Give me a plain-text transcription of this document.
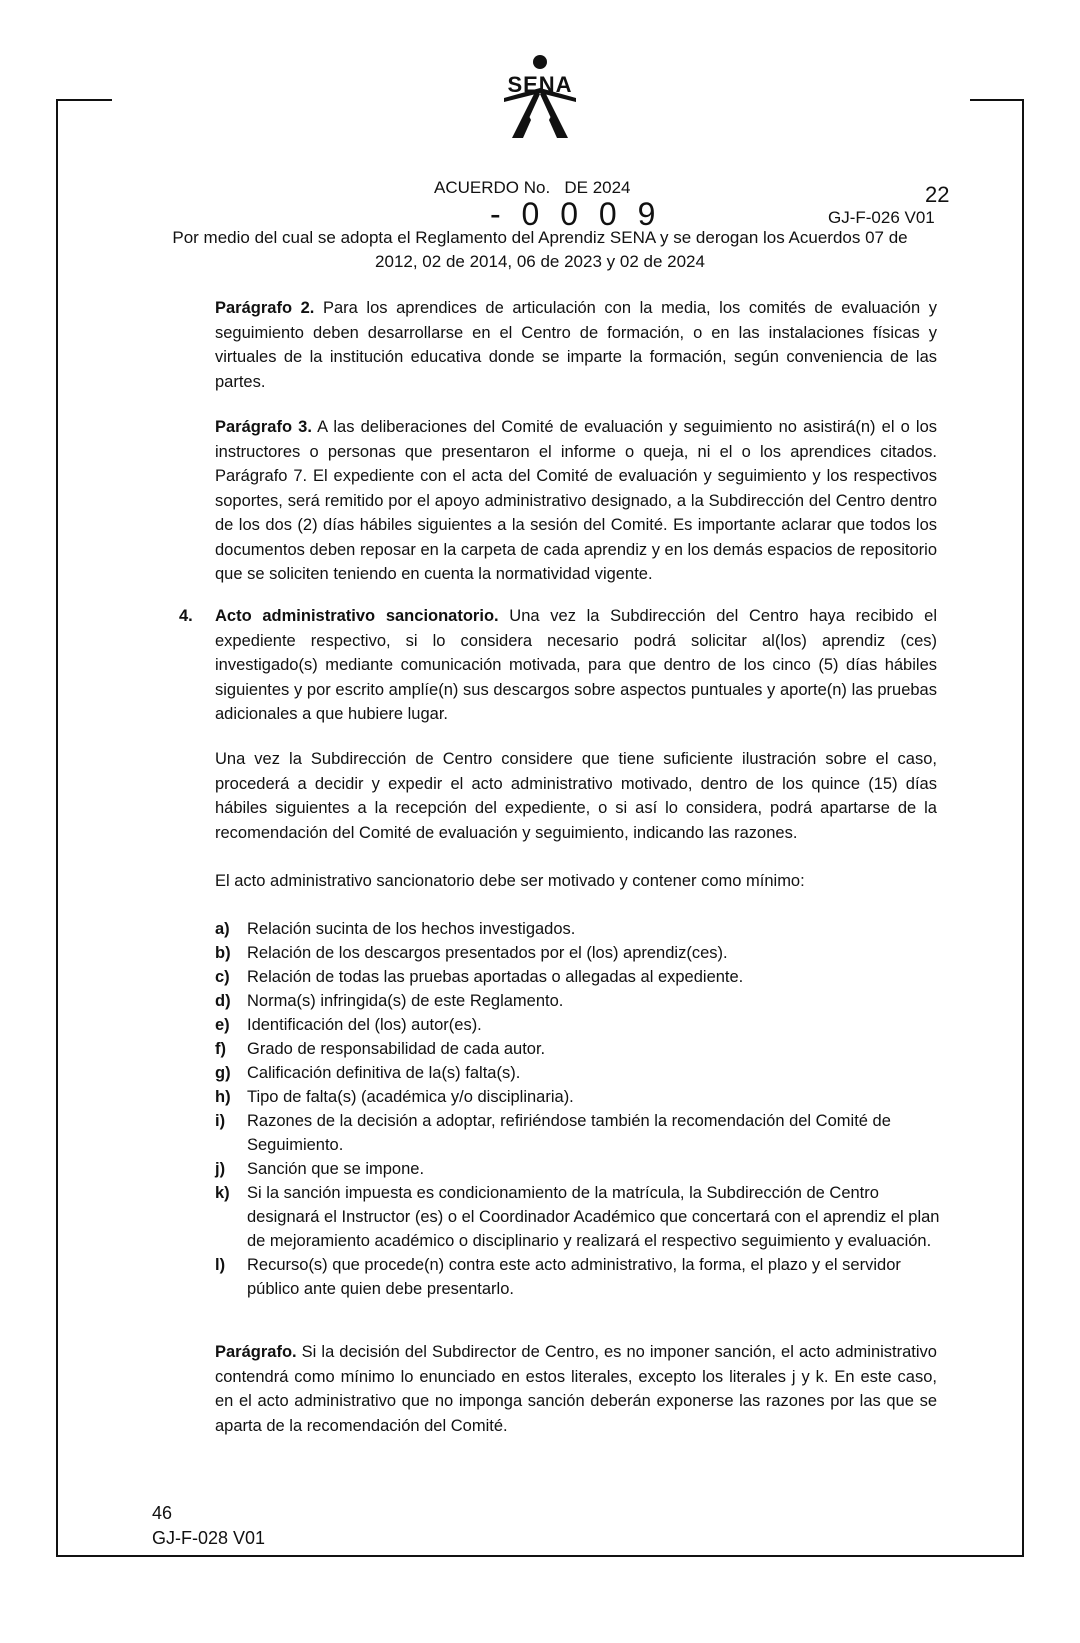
SENA
ACUERDO No.   DE 2024	22
- 0 0 0 9	GJ-F-026 V01
Por medio del cual se adopta el Reglamento del Aprendiz SENA y se derogan los Acuerdos 07 de
2012, 02 de 2014, 06 de 2023 y 02 de 2024
Parágrafo 2. Para los aprendices de articulación con la media, los comités de evaluación y seguimiento deben desarrollarse en el Centro de formación, o en las instalaciones físicas y virtuales de la institución educativa donde se imparte la formación, según conveniencia de las partes.
Parágrafo 3. A las deliberaciones del Comité de evaluación y seguimiento no asistirá(n) el o los instructores o personas que presentaron el informe o queja, ni el o los aprendices citados. Parágrafo 7. El expediente con el acta del Comité de evaluación y seguimiento y los respectivos soportes, será remitido por el apoyo administrativo designado, a la Subdirección del Centro dentro de los dos (2) días hábiles siguientes a la sesión del Comité. Es importante aclarar que todos los documentos deben reposar en la carpeta de cada aprendiz y en los demás espacios de repositorio que se soliciten teniendo en cuenta la normatividad vigente.
4. Acto administrativo sancionatorio. Una vez la Subdirección del Centro haya recibido el expediente respectivo, si lo considera necesario podrá solicitar al(los) aprendiz (ces) investigado(s) mediante comunicación motivada, para que dentro de los cinco (5) días hábiles siguientes y por escrito amplíe(n) sus descargos sobre aspectos puntuales y aporte(n) las pruebas adicionales a que hubiere lugar.
Una vez la Subdirección de Centro considere que tiene suficiente ilustración sobre el caso, procederá a decidir y expedir el acto administrativo motivado, dentro de los quince (15) días hábiles siguientes a la recepción del expediente, o si así lo considera, podrá apartarse de la recomendación del Comité de evaluación y seguimiento, indicando las razones.
El acto administrativo sancionatorio debe ser motivado y contener como mínimo:
a) Relación sucinta de los hechos investigados.
b) Relación de los descargos presentados por el (los) aprendiz(ces).
c) Relación de todas las pruebas aportadas o allegadas al expediente.
d) Norma(s) infringida(s) de este Reglamento.
e) Identificación del (los) autor(es).
f) Grado de responsabilidad de cada autor.
g) Calificación definitiva de la(s) falta(s).
h) Tipo de falta(s) (académica y/o disciplinaria).
i) Razones de la decisión a adoptar, refiriéndose también la recomendación del Comité de Seguimiento.
j) Sanción que se impone.
k) Si la sanción impuesta es condicionamiento de la matrícula, la Subdirección de Centro designará el Instructor (es) o el Coordinador Académico que concertará con el aprendiz el plan de mejoramiento académico o disciplinario y realizará el respectivo seguimiento y evaluación.
l) Recurso(s) que procede(n) contra este acto administrativo, la forma, el plazo y el servidor público ante quien debe presentarlo.
Parágrafo. Si la decisión del Subdirector de Centro, es no imponer sanción, el acto administrativo contendrá como mínimo lo enunciado en estos literales, excepto los literales j y k. En este caso, en el acto administrativo que no imponga sanción deberán exponerse las razones por las que se aparta de la recomendación del Comité.
46
GJ-F-028 V01
